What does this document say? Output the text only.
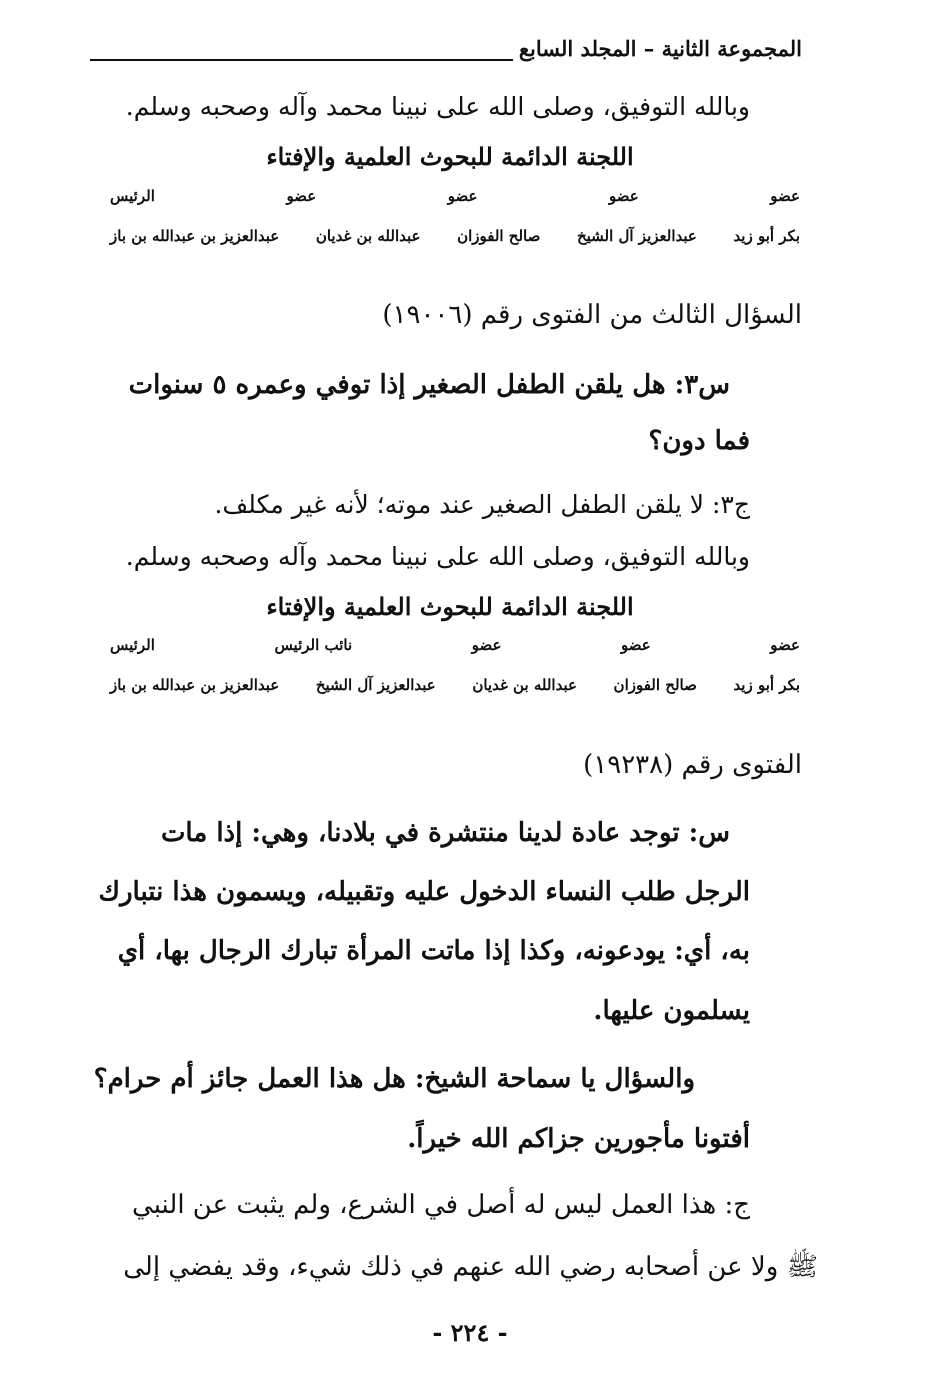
المجموعة الثانية – المجلد السابع
وبالله التوفيق، وصلى الله على نبينا محمد وآله وصحبه وسلم.
اللجنة الدائمة للبحوث العلمية والإفتاء
عضو
عضو
عضو
عضو
الرئيس
بكر أبو زيد
عبدالعزيز آل الشيخ
صالح الفوزان
عبدالله بن غديان
عبدالعزيز بن عبدالله بن باز
السؤال الثالث من الفتوى رقم (١٩٠٠٦)
س٣: هل يلقن الطفل الصغير إذا توفي وعمره ٥ سنوات
فما دون؟
ج٣: لا يلقن الطفل الصغير عند موته؛ لأنه غير مكلف.
وبالله التوفيق، وصلى الله على نبينا محمد وآله وصحبه وسلم.
اللجنة الدائمة للبحوث العلمية والإفتاء
عضو
عضو
عضو
نائب الرئيس
الرئيس
بكر أبو زيد
صالح الفوزان
عبدالله بن غديان
عبدالعزيز آل الشيخ
عبدالعزيز بن عبدالله بن باز
الفتوى رقم (١٩٢٣٨)
س: توجد عادة لدينا منتشرة في بلادنا، وهي: إذا مات
الرجل طلب النساء الدخول عليه وتقبيله، ويسمون هذا نتبارك
به، أي: يودعونه، وكذا إذا ماتت المرأة تبارك الرجال بها، أي
يسلمون عليها.
والسؤال يا سماحة الشيخ: هل هذا العمل جائز أم حرام؟
أفتونا مأجورين جزاكم الله خيراً.
ج: هذا العمل ليس له أصل في الشرع، ولم يثبت عن النبي
ﷺ ولا عن أصحابه رضي الله عنهم في ذلك شيء، وقد يفضي إلى
- ٢٢٤ -
